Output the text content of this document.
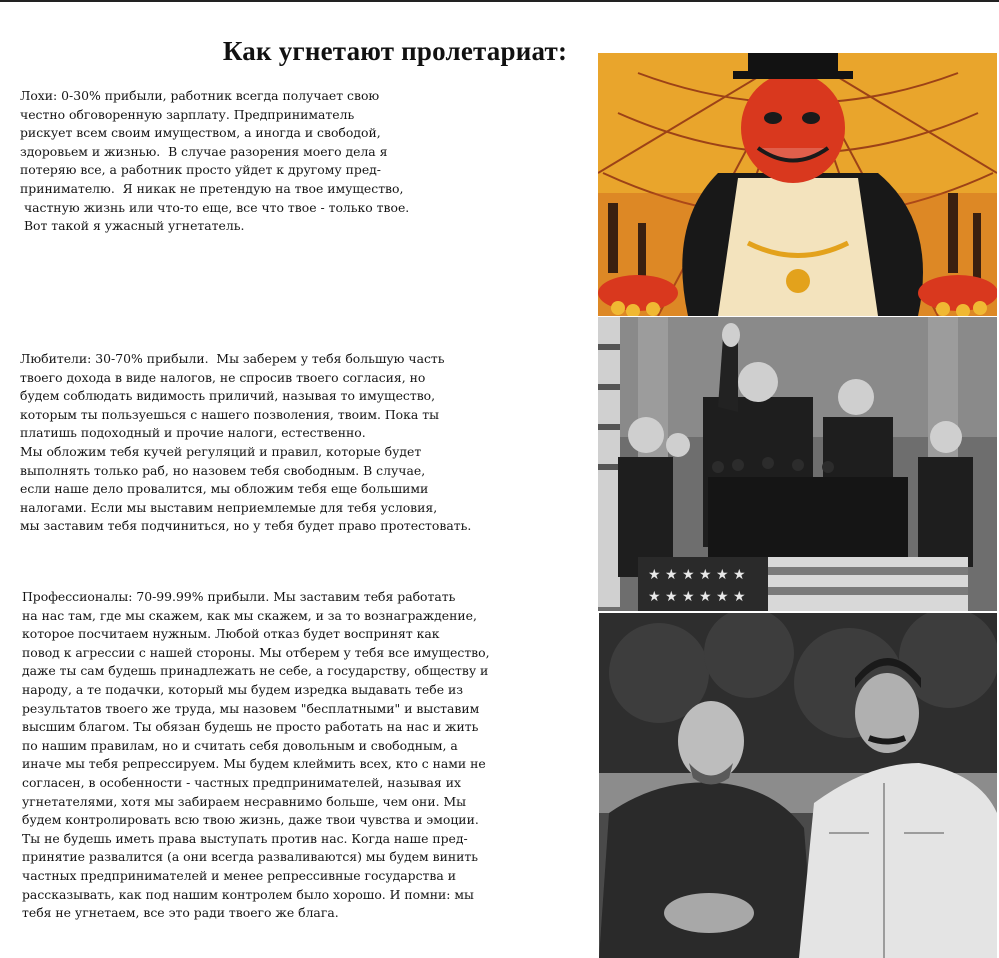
Как угнетают пролетариат:

Лохи: 0-30% прибыли, работник всегда получает свою
честно обговоренную зарплату. Предприниматель
рискует всем своим имуществом, а иногда и свободой,
здоровьем и жизнью.  В случае разорения моего дела я
потеряю все, а работник просто уйдет к другому пред-
принимателю.  Я никак не претендую на твое имущество,
частную жизнь или что-то еще, все что твое - только твое.
Вот такой я ужасный угнетатель.

Любители: 30-70% прибыли.  Мы заберем у тебя большую часть
твоего дохода в виде налогов, не спросив твоего согласия, но
будем соблюдать видимость приличий, называя то имущество,
которым ты пользуешься с нашего позволения, твоим. Пока ты
платишь подоходный и прочие налоги, естественно.
Мы обложим тебя кучей регуляций и правил, которые будет
выполнять только раб, но назовем тебя свободным. В случае,
если наше дело провалится, мы обложим тебя еще большими
налогами. Если мы выставим неприемлемые для тебя условия,
мы заставим тебя подчиниться, но у тебя будет право протестовать.

Профессионалы: 70-99.99% прибыли. Мы заставим тебя работать
на нас там, где мы скажем, как мы скажем, и за то вознаграждение,
которое посчитаем нужным. Любой отказ будет воспринят как
повод к агрессии с нашей стороны. Мы отберем у тебя все имущество,
даже ты сам будешь принадлежать не себе, а государству, обществу и
народу, а те подачки, который мы будем изредка выдавать тебе из
результатов твоего же труда, мы назовем "бесплатными" и выставим
высшим благом. Ты обязан будешь не просто работать на нас и жить
по нашим правилам, но и считать себя довольным и свободным, а
иначе мы тебя репрессируем. Мы будем клеймить всех, кто с нами не
согласен, в особенности - частных предпринимателей, называя их
угнетателями, хотя мы забираем несравнимо больше, чем они. Мы
будем контролировать всю твою жизнь, даже твои чувства и эмоции.
Ты не будешь иметь права выступать против нас. Когда наше пред-
принятие развалится (а они всегда разваливаются) мы будем винить
частных предпринимателей и менее репрессивные государства и
рассказывать, как под нашим контролем было хорошо. И помни: мы
тебя не угнетаем, все это ради твоего же блага.

★ ★ ★ ★ ★ ★
★ ★ ★ ★ ★ ★
